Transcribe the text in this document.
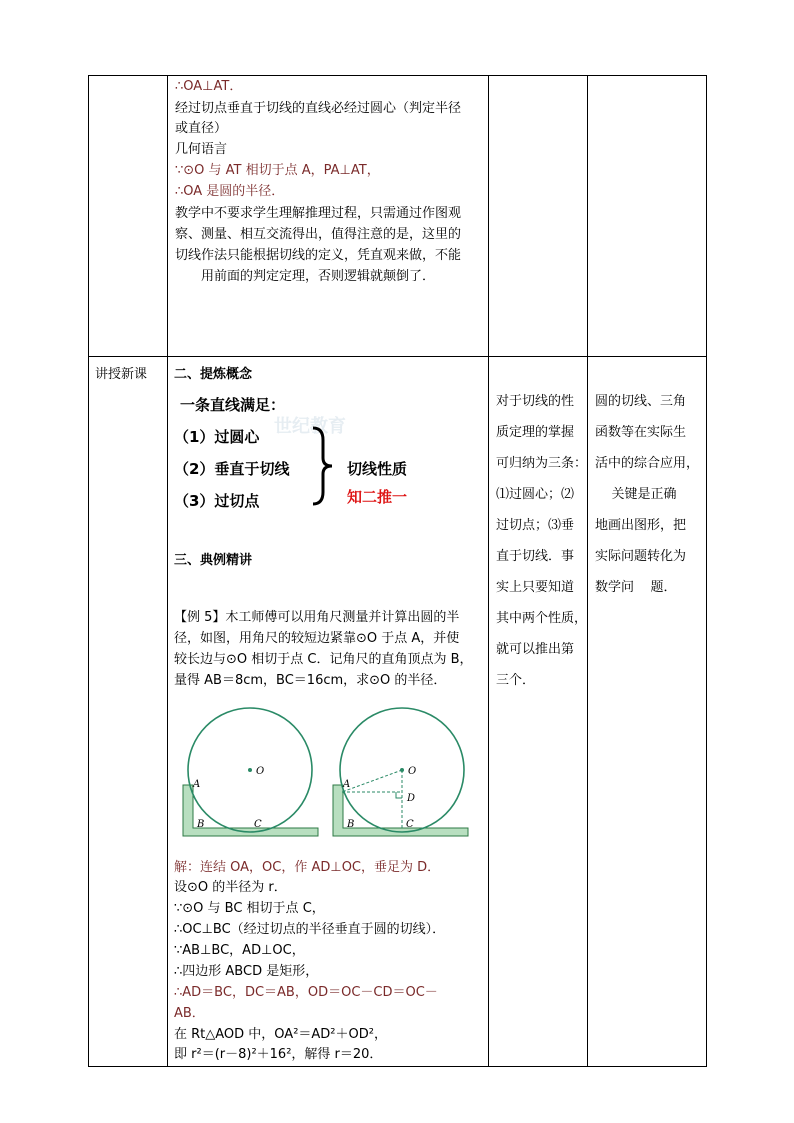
∴OA⊥AT．
经过切点垂直于切线的直线必经过圆心（判定半径
或直径）
几何语言
∵⊙O 与 AT 相切于点 A，PA⊥AT，
∴OA 是圆的半径．
教学中不要求学生理解推理过程，只需通过作图观
察、测量、相互交流得出，值得注意的是，这里的
切线作法只能根据切线的定义，凭直观来做，不能
用前面的判定定理，否则逻辑就颠倒了．
讲授新课 二、提炼概念
世纪教育
一条直线满足：
（1）过圆心
（2）垂直于切线
（3）过切点
切线性质
知二推一
三、典例精讲
【例 5】木工师傅可以用角尺测量并计算出圆的半
径，如图，用角尺的较短边紧靠⊙O 于点 A，并使
较长边与⊙O 相切于点 C．记角尺的直角顶点为 B，
量得 AB＝8cm，BC＝16cm，求⊙O 的半径．
O
A
B	C
O
A
D
B	C
解：连结 OA，OC，作 AD⊥OC，垂足为 D．
设⊙O 的半径为 r．
∵⊙O 与 BC 相切于点 C，
∴OC⊥BC（经过切点的半径垂直于圆的切线）．
∵AB⊥BC，AD⊥OC，
∴四边形 ABCD 是矩形，
∴AD＝BC，DC＝AB，OD＝OC－CD＝OC－
AB．
在 Rt△AOD 中，OA²＝AD²＋OD²，
即 r²＝(r－8)²＋16²，解得 r＝20．
对于切线的性
质定理的掌握
可归纳为三条：
⑴过圆心；⑵
过切点；⑶垂
直于切线．事
实上只要知道
其中两个性质，
就可以推出第
三个．
圆的切线、三角
函数等在实际生
活中的综合应用，
关键是正确
地画出图形，把
实际问题转化为
数学问    题．
